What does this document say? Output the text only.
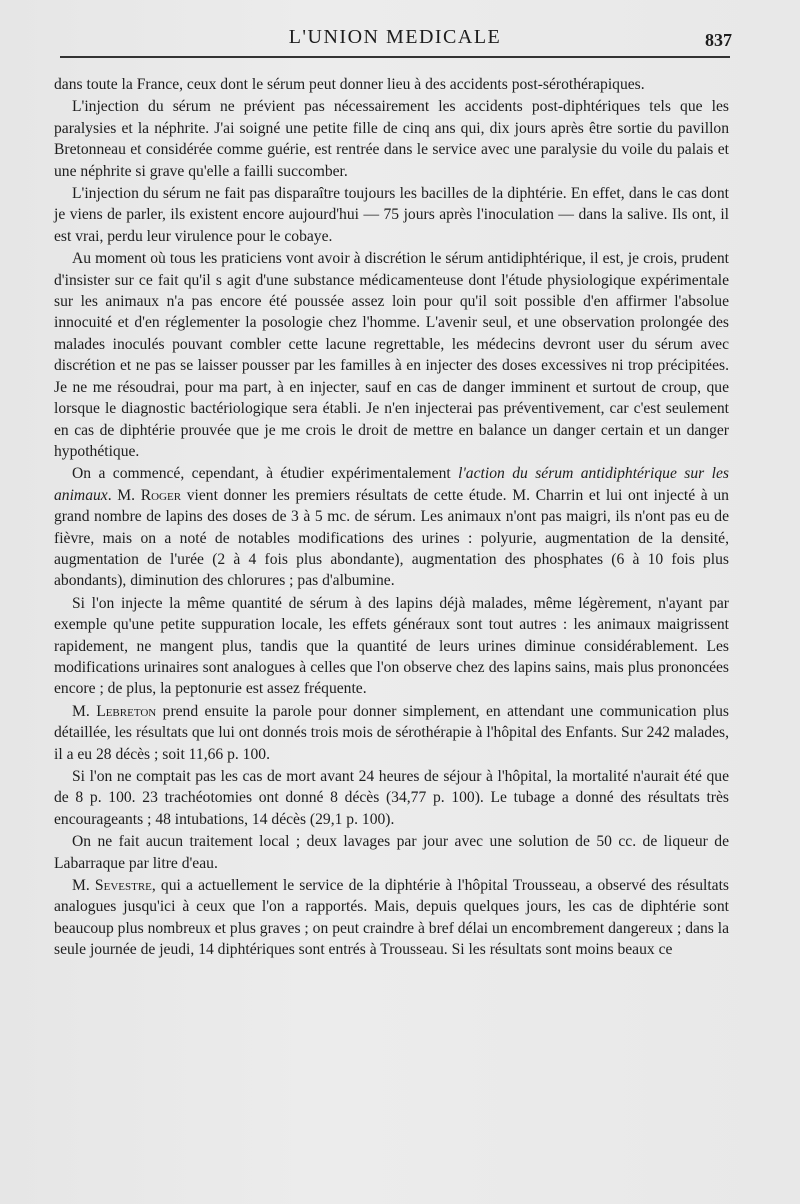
L'UNION MEDICALE	837

dans toute la France, ceux dont le sérum peut donner lieu à des accidents post-sérothérapiques.

L'injection du sérum ne prévient pas nécessairement les accidents post-diphtériques tels que les paralysies et la néphrite. J'ai soigné une petite fille de cinq ans qui, dix jours après être sortie du pavillon Bretonneau et considérée comme guérie, est rentrée dans le service avec une paralysie du voile du palais et une néphrite si grave qu'elle a failli succomber.

L'injection du sérum ne fait pas disparaître toujours les bacilles de la diphtérie. En effet, dans le cas dont je viens de parler, ils existent encore aujourd'hui — 75 jours après l'inoculation — dans la salive. Ils ont, il est vrai, perdu leur virulence pour le cobaye.

Au moment où tous les praticiens vont avoir à discrétion le sérum antidiphtérique, il est, je crois, prudent d'insister sur ce fait qu'il s agit d'une substance médicamenteuse dont l'étude physiologique expérimentale sur les animaux n'a pas encore été poussée assez loin pour qu'il soit possible d'en affirmer l'absolue innocuité et d'en réglementer la posologie chez l'homme. L'avenir seul, et une observation prolongée des malades inoculés pouvant combler cette lacune regrettable, les médecins devront user du sérum avec discrétion et ne pas se laisser pousser par les familles à en injecter des doses excessives ni trop précipitées. Je ne me résoudrai, pour ma part, à en injecter, sauf en cas de danger imminent et surtout de croup, que lorsque le diagnostic bactériologique sera établi. Je n'en injecterai pas préventivement, car c'est seulement en cas de diphtérie prouvée que je me crois le droit de mettre en balance un danger certain et un danger hypothétique.

On a commencé, cependant, à étudier expérimentalement l'action du sérum antidiphtérique sur les animaux. M. Roger vient donner les premiers résultats de cette étude. M. Charrin et lui ont injecté à un grand nombre de lapins des doses de 3 à 5 mc. de sérum. Les animaux n'ont pas maigri, ils n'ont pas eu de fièvre, mais on a noté de notables modifications des urines : polyurie, augmentation de la densité, augmentation de l'urée (2 à 4 fois plus abondante), augmentation des phosphates (6 à 10 fois plus abondants), diminution des chlorures ; pas d'albumine.

Si l'on injecte la même quantité de sérum à des lapins déjà malades, même légèrement, n'ayant par exemple qu'une petite suppuration locale, les effets généraux sont tout autres : les animaux maigrissent rapidement, ne mangent plus, tandis que la quantité de leurs urines diminue considérablement. Les modifications urinaires sont analogues à celles que l'on observe chez des lapins sains, mais plus prononcées encore ; de plus, la peptonurie est assez fréquente.

M. Lebreton prend ensuite la parole pour donner simplement, en attendant une communication plus détaillée, les résultats que lui ont donnés trois mois de sérothérapie à l'hôpital des Enfants. Sur 242 malades, il a eu 28 décès ; soit 11,66 p. 100.

Si l'on ne comptait pas les cas de mort avant 24 heures de séjour à l'hôpital, la mortalité n'aurait été que de 8 p. 100. 23 trachéotomies ont donné 8 décès (34,77 p. 100). Le tubage a donné des résultats très encourageants ; 48 intubations, 14 décès (29,1 p. 100).

On ne fait aucun traitement local ; deux lavages par jour avec une solution de 50 cc. de liqueur de Labarraque par litre d'eau.

M. Sevestre, qui a actuellement le service de la diphtérie à l'hôpital Trousseau, a observé des résultats analogues jusqu'ici à ceux que l'on a rapportés. Mais, depuis quelques jours, les cas de diphtérie sont beaucoup plus nombreux et plus graves ; on peut craindre à bref délai un encombrement dangereux ; dans la seule journée de jeudi, 14 diphtériques sont entrés à Trousseau. Si les résultats sont moins beaux ce
